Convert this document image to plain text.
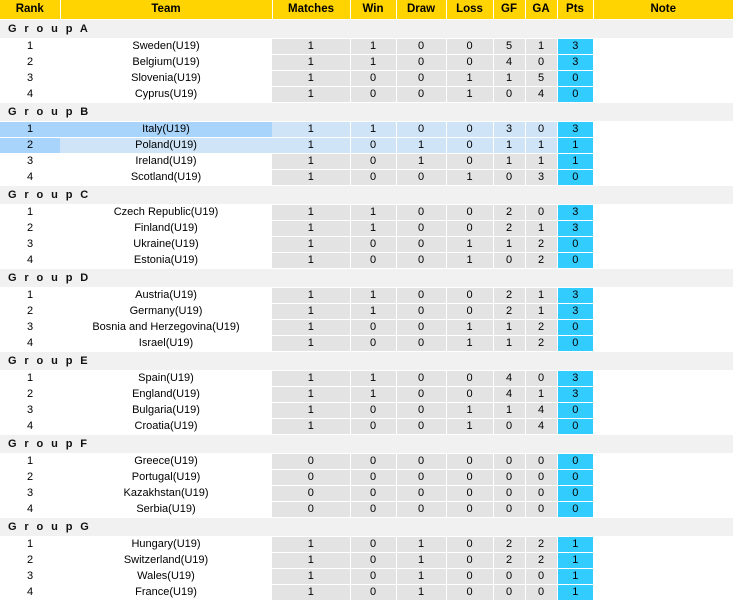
Rank	Team	Matches	Win	Draw	Loss	GF	GA	Pts	Note
G r o u p A									
1	Sweden(U19)	1	1	0	0	5	1	3	
2	Belgium(U19)	1	1	0	0	4	0	3	
3	Slovenia(U19)	1	0	0	1	1	5	0	
4	Cyprus(U19)	1	0	0	1	0	4	0	
G r o u p B									
1	Italy(U19)	1	1	0	0	3	0	3	
2	Poland(U19)	1	0	1	0	1	1	1	
3	Ireland(U19)	1	0	1	0	1	1	1	
4	Scotland(U19)	1	0	0	1	0	3	0	
G r o u p C									
1	Czech Republic(U19)	1	1	0	0	2	0	3	
2	Finland(U19)	1	1	0	0	2	1	3	
3	Ukraine(U19)	1	0	0	1	1	2	0	
4	Estonia(U19)	1	0	0	1	0	2	0	
G r o u p D									
1	Austria(U19)	1	1	0	0	2	1	3	
2	Germany(U19)	1	1	0	0	2	1	3	
3	Bosnia and Herzegovina(U19)	1	0	0	1	1	2	0	
4	Israel(U19)	1	0	0	1	1	2	0	
G r o u p E									
1	Spain(U19)	1	1	0	0	4	0	3	
2	England(U19)	1	1	0	0	4	1	3	
3	Bulgaria(U19)	1	0	0	1	1	4	0	
4	Croatia(U19)	1	0	0	1	0	4	0	
G r o u p F									
1	Greece(U19)	0	0	0	0	0	0	0	
2	Portugal(U19)	0	0	0	0	0	0	0	
3	Kazakhstan(U19)	0	0	0	0	0	0	0	
4	Serbia(U19)	0	0	0	0	0	0	0	
G r o u p G									
1	Hungary(U19)	1	0	1	0	2	2	1	
2	Switzerland(U19)	1	0	1	0	2	2	1	
3	Wales(U19)	1	0	1	0	0	0	1	
4	France(U19)	1	0	1	0	0	0	1	
